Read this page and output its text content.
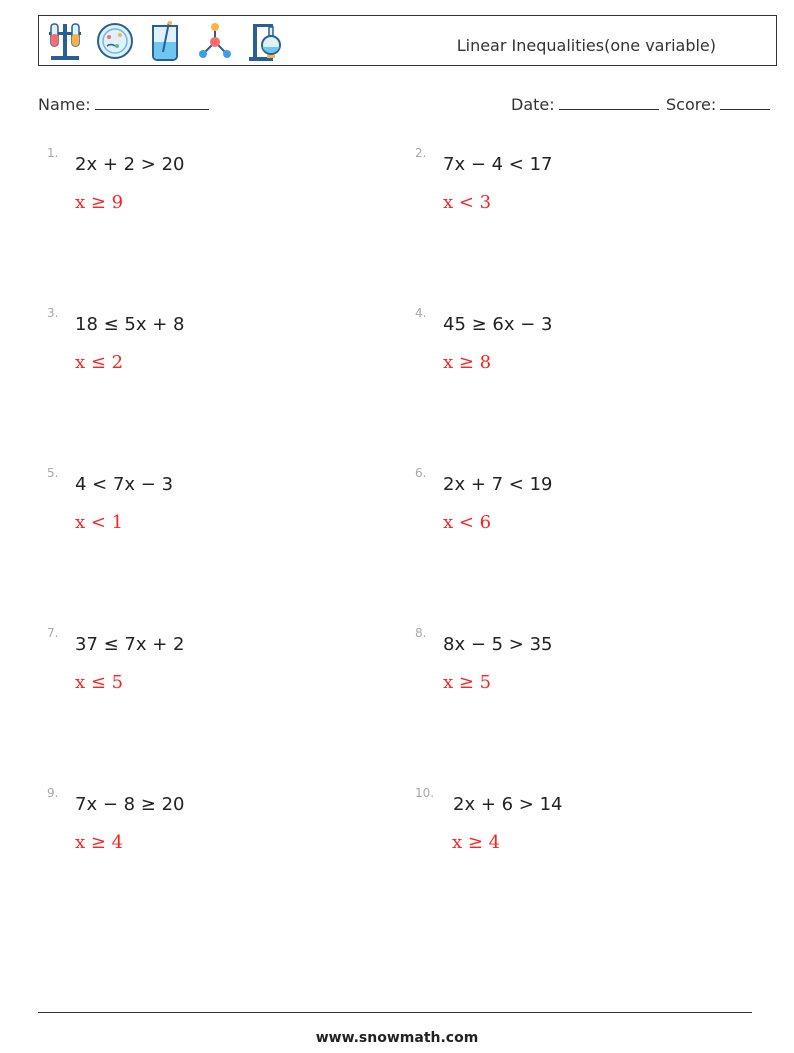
Linear Inequalities(one variable)
Name:	Date:	Score:
1.
2x + 2 > 20
x ≥ 9
2.
7x − 4 < 17
x < 3
3.
18 ≤ 5x + 8
x ≤ 2
4.
45 ≥ 6x − 3
x ≥ 8
5.
4 < 7x − 3
x < 1
6.
2x + 7 < 19
x < 6
7.
37 ≤ 7x + 2
x ≤ 5
8.
8x − 5 > 35
x ≥ 5
9.
7x − 8 ≥ 20
x ≥ 4
10.
2x + 6 > 14
x ≥ 4
www.snowmath.com
